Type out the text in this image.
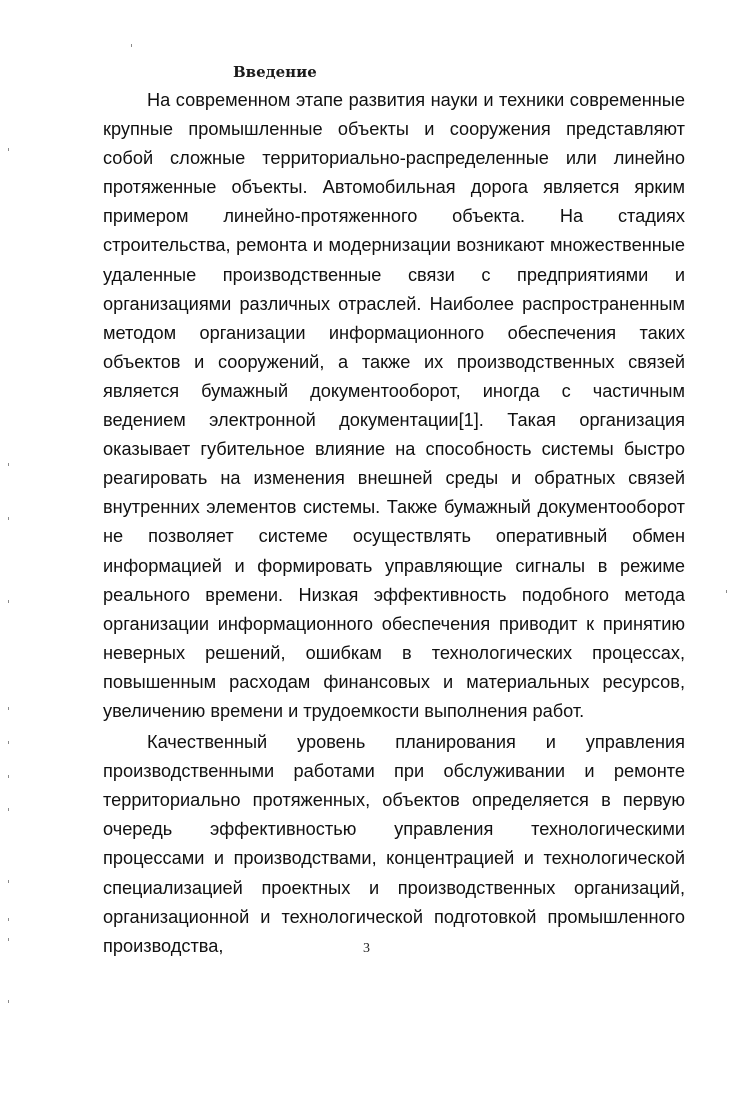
Введение

На современном этапе развития науки и техники современные крупные промышленные объекты и сооружения представляют собой сложные территориально-распределенные или линейно протяженные объекты. Автомобильная дорога является ярким примером линейно-протяженного объекта. На стадиях строительства, ремонта и модернизации возникают множественные удаленные производственные связи с предприятиями и организациями различных отраслей. Наиболее распространенным методом организации информационного обеспечения таких объектов и сооружений, а также их производственных связей является бумажный документооборот, иногда с частичным ведением электронной документации[1]. Такая организация оказывает губительное влияние на способность системы быстро реагировать на изменения внешней среды и обратных связей внутренних элементов системы. Также бумажный документооборот не позволяет системе осуществлять оперативный обмен информацией и формировать управляющие сигналы в режиме реального времени. Низкая эффективность подобного метода организации информационного обеспечения приводит к принятию неверных решений, ошибкам в технологических процессах, повышенным расходам финансовых и материальных ресурсов, увеличению времени и трудоемкости выполнения работ.

Качественный уровень планирования и управления производственными работами при обслуживании и ремонте территориально протяженных, объектов определяется в первую очередь эффективностью управления технологическими процессами и производствами, концентрацией и технологической специализацией проектных и производственных организаций, организационной и технологической подготовкой промышленного производства,	3
